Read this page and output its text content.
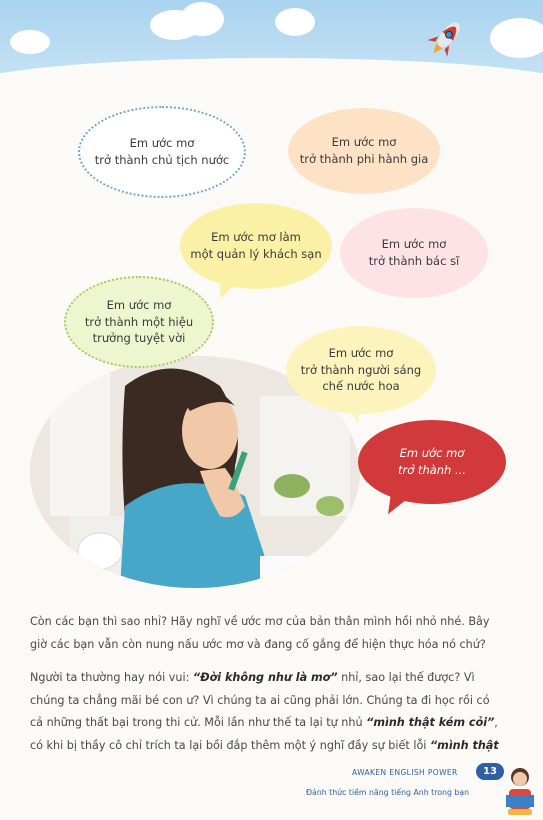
Em ước mơ
trở thành chủ tịch nước
Em ước mơ
trở thành phi hành gia
Em ước mơ làm
một quản lý khách sạn
Em ước mơ
trở thành bác sĩ
Em ước mơ
trở thành một hiệu
trưởng tuyệt vời
Em ước mơ
trở thành người sáng
chế nước hoa
Em ước mơ
trở thành ...
Còn các bạn thì sao nhỉ? Hãy nghĩ về ước mơ của bản thân mình hồi nhỏ nhé. Bây
giờ các bạn vẫn còn nung nấu ước mơ và đang cố gắng để hiện thực hóa nó chứ?
Người ta thường hay nói vui: “Đời không như là mơ” nhỉ, sao lại thế được? Vì
chúng ta chẳng mãi bé con ư? Vì chúng ta ai cũng phải lớn. Chúng ta đi học rồi có
cả những thất bại trong thi cử. Mỗi lần như thế ta lại tự nhủ “mình thật kém cỏi”,
có khi bị thầy cô chỉ trích ta lại bồi đắp thêm một ý nghĩ đầy sự biết lỗi “mình thật
AWAKEN ENGLISH POWER	13
Đánh thức tiềm năng tiếng Anh trong bạn
